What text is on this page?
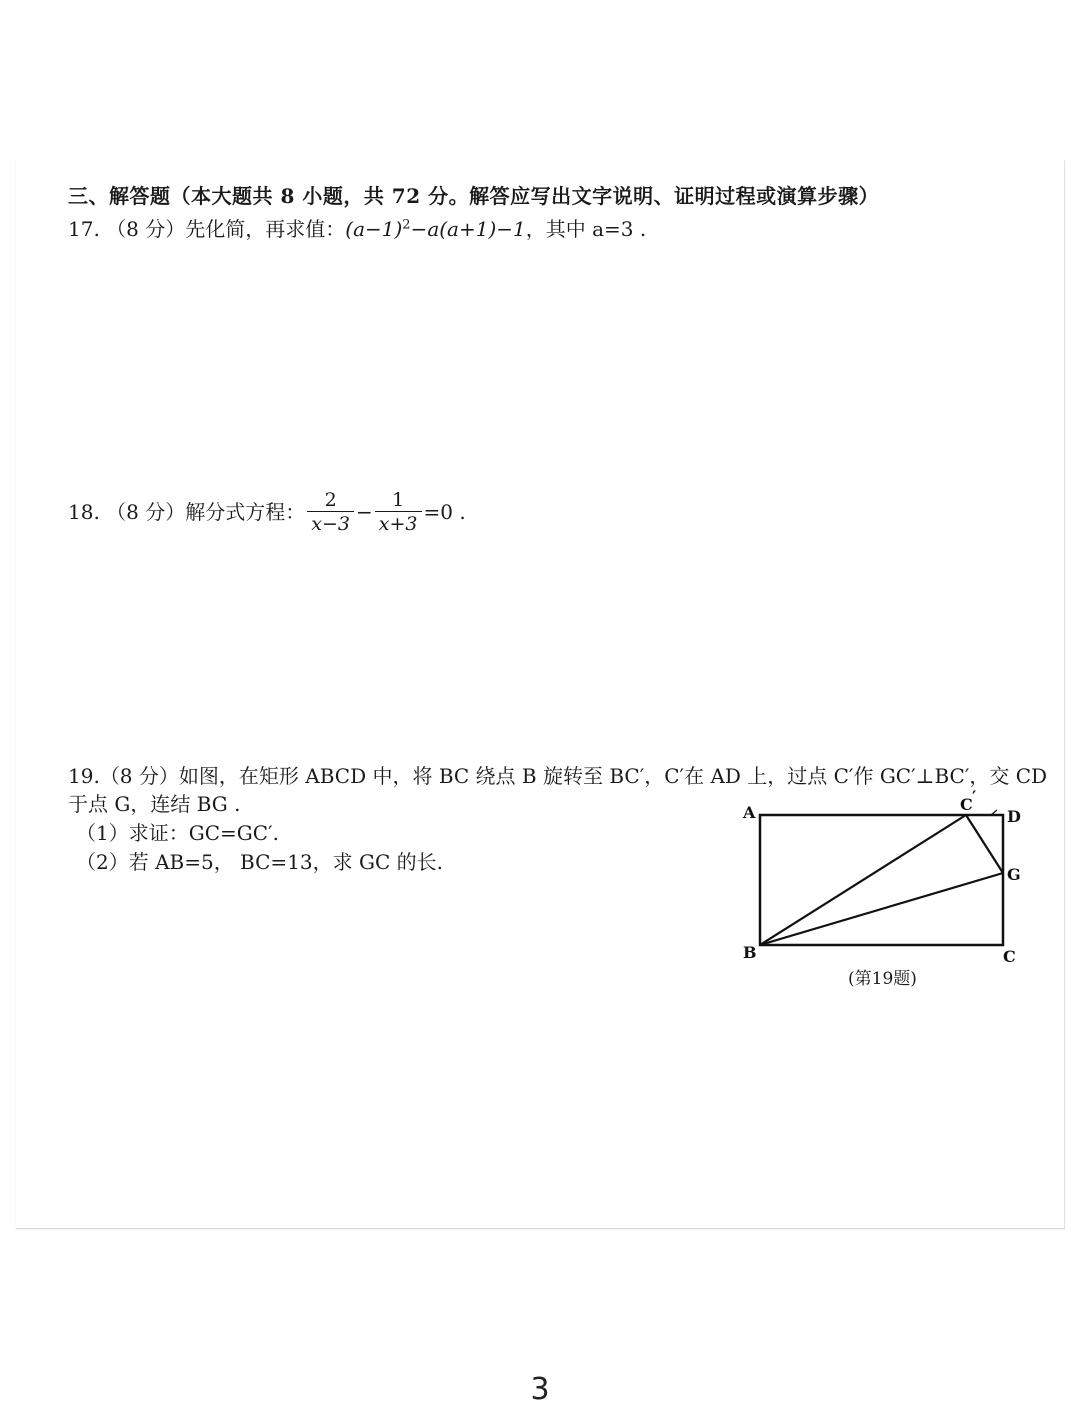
三、解答题（本大题共 8 小题，共 72 分。解答应写出文字说明、证明过程或演算步骤）
17. （8 分）先化简，再求值：$(a-1)^2-a(a+1)-1$，其中 a=3 .
18.
（8 分） 解分式方程： $\frac{2}{x-3} - \frac{1}{x+3} =0$ .
19.（8 分）如图，在矩形 ABCD 中，将 BC 绕点 B 旋转至 BC′，C′在 AD 上，过点 C′作 GC′⊥BC′，交 CD
于点 G，连结 BG .
（1）求证：GC=GC′.
（2）若 AB=5， BC=13，求 GC 的长.
A	D
C ′
G
B	C
(第19题)
3
